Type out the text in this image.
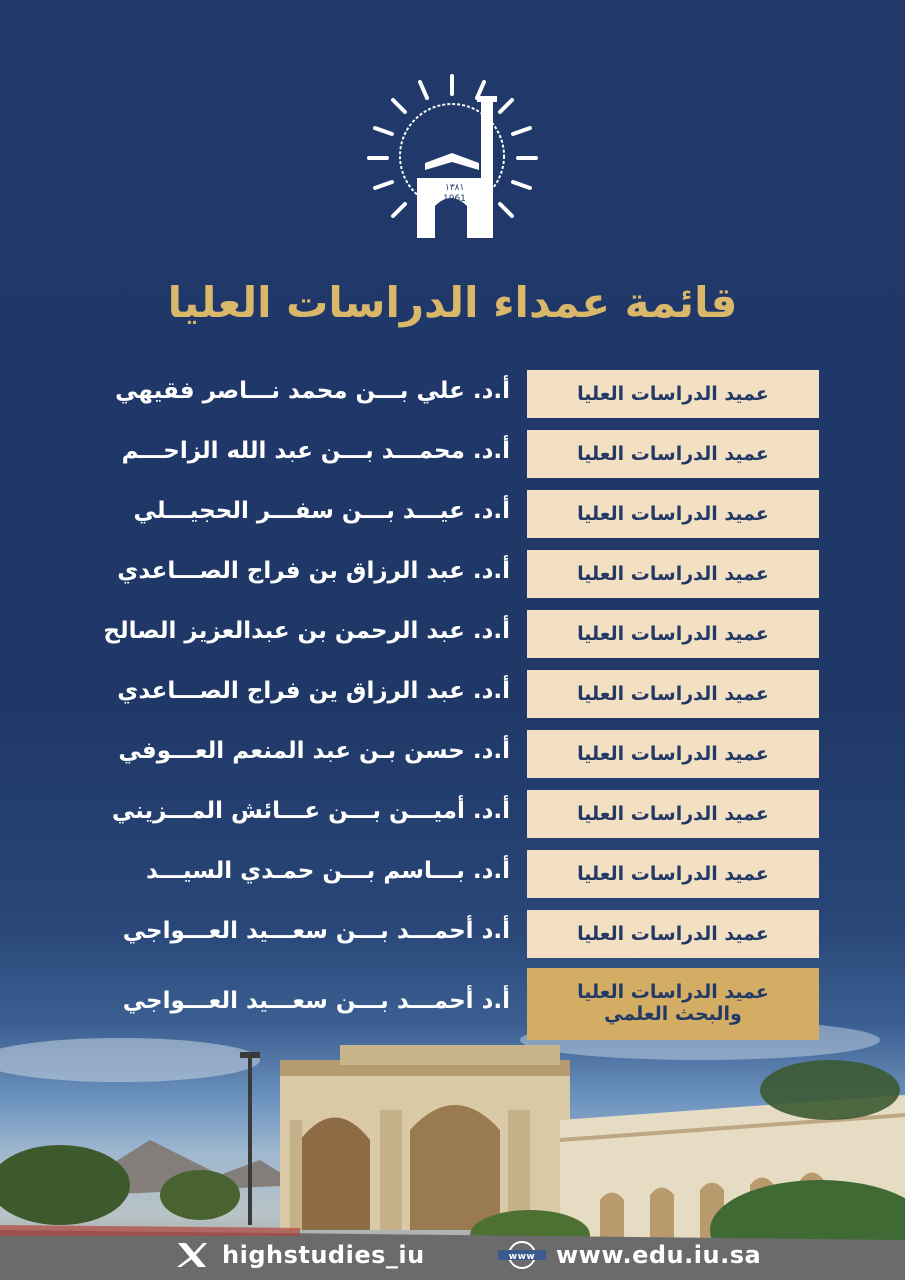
١٣٨١
1961
قائمة عمداء الدراسات العليا
عميد الدراسات العليا
أ.د. علي بـــن محمد نـــاصر فقيهي
عميد الدراسات العليا
أ.د. محمـــد بـــن عبد الله الزاحـــم
عميد الدراسات العليا
أ.د. عيـــد بـــن سفـــر الحجيـــلي
عميد الدراسات العليا
أ.د. عبد الرزاق بن فراج الصـــاعدي
عميد الدراسات العليا
أ.د. عبد الرحمن بن عبدالعزيز الصالح
عميد الدراسات العليا
أ.د. عبد الرزاق ين فراج الصـــاعدي
عميد الدراسات العليا
أ.د. حسن بـن عبد المنعم العـــوفي
عميد الدراسات العليا
أ.د. أميـــن بـــن عـــائش المـــزيني
عميد الدراسات العليا
أ.د. بـــاسم بـــن حمـدي السيـــد
عميد الدراسات العليا
أ.د أحمـــد بـــن سعـــيد العـــواجي
عميد الدراسات العليا
والبحث العلمي
أ.د أحمـــد بـــن سعـــيد العـــواجي
highstudies_iu	www www.edu.iu.sa
